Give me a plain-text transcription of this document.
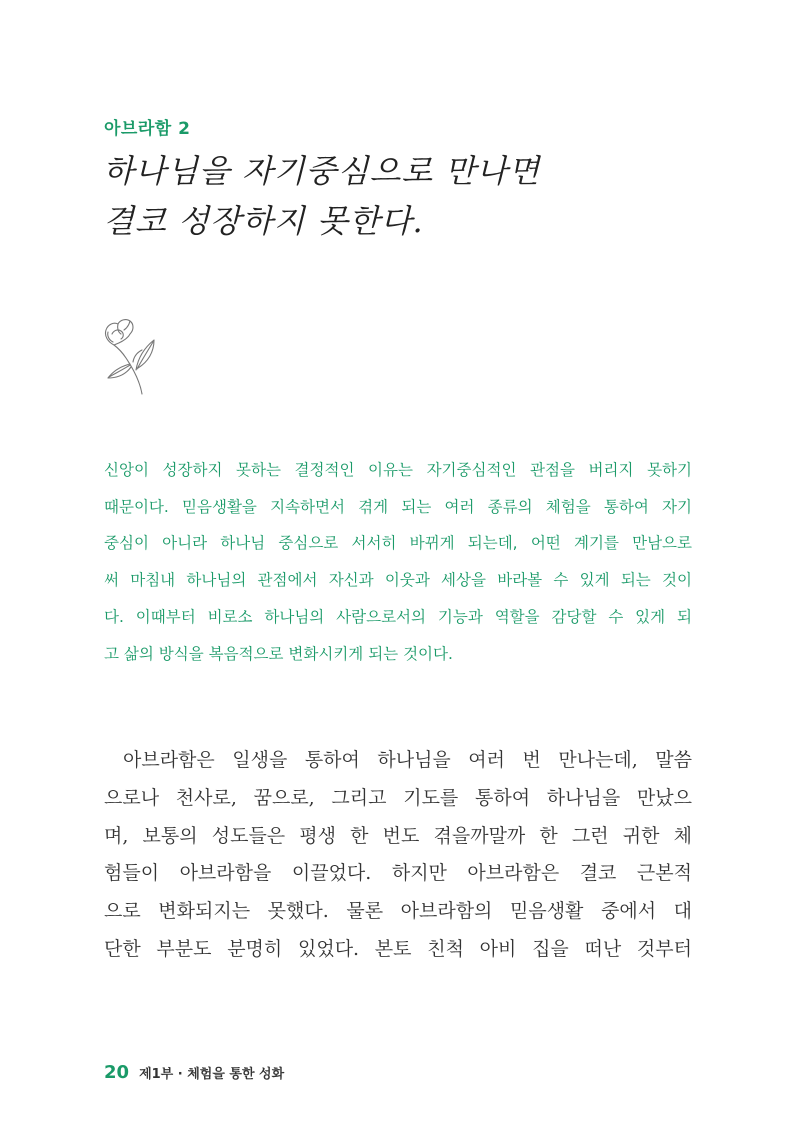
아브라함 2
하나님을 자기중심으로 만나면
결코 성장하지 못한다.
신앙이 성장하지 못하는 결정적인 이유는 자기중심적인 관점을 버리지 못하기
때문이다. 믿음생활을 지속하면서 겪게 되는 여러 종류의 체험을 통하여 자기
중심이 아니라 하나님 중심으로 서서히 바뀌게 되는데, 어떤 계기를 만남으로
써 마침내 하나님의 관점에서 자신과 이웃과 세상을 바라볼 수 있게 되는 것이
다. 이때부터 비로소 하나님의 사람으로서의 기능과 역할을 감당할 수 있게 되
고 삶의 방식을 복음적으로 변화시키게 되는 것이다.
아브라함은 일생을 통하여 하나님을 여러 번 만나는데, 말씀
으로나 천사로, 꿈으로, 그리고 기도를 통하여 하나님을 만났으
며, 보통의 성도들은 평생 한 번도 겪을까말까 한 그런 귀한 체
험들이 아브라함을 이끌었다. 하지만 아브라함은 결코 근본적
으로 변화되지는 못했다. 물론 아브라함의 믿음생활 중에서 대
단한 부분도 분명히 있었다. 본토 친척 아비 집을 떠난 것부터
20 제1부 · 체험을 통한 성화
